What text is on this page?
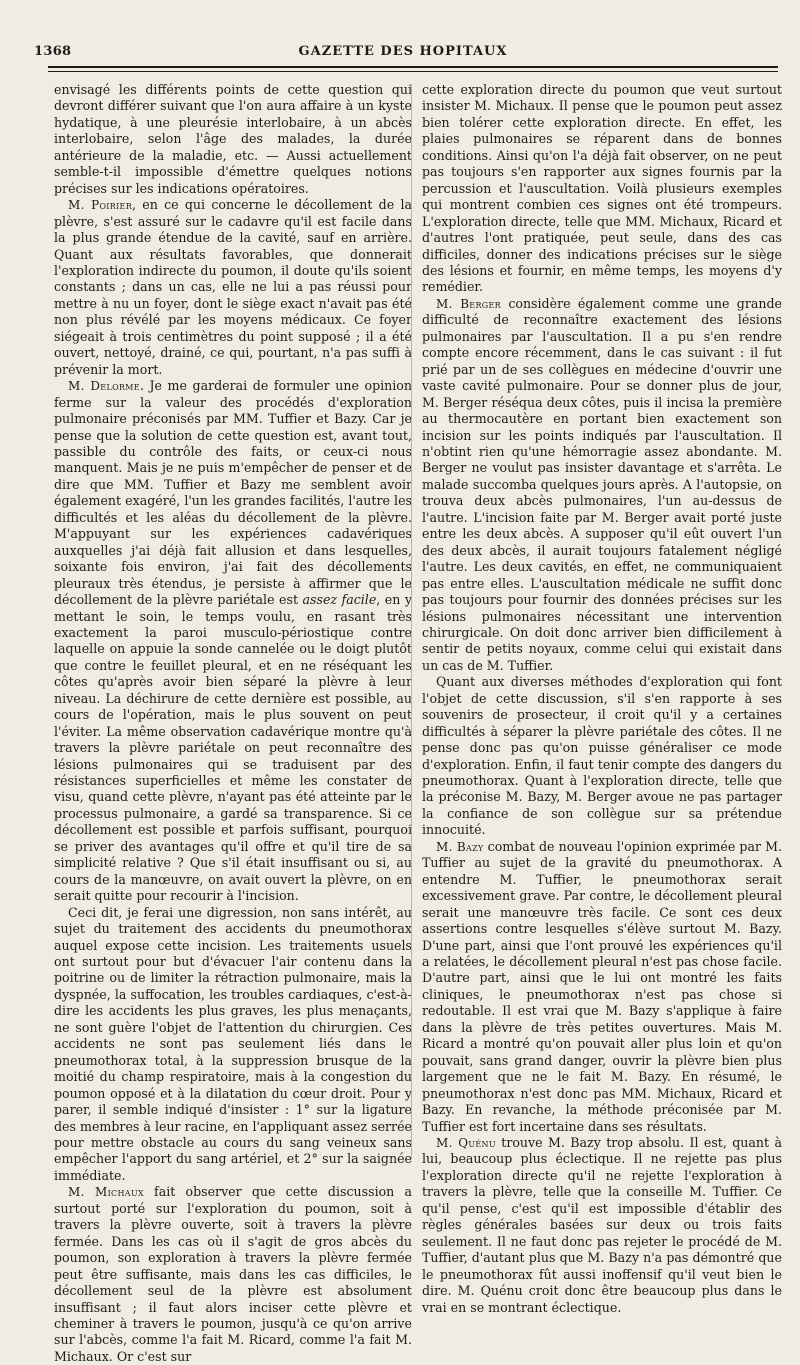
1368	GAZETTE DES HOPITAUX

envisagé les différents points de cette question qui devront différer suivant que l'on aura affaire à un kyste hydatique, à une pleurésie interlobaire, à un abcès interlobaire, selon l'âge des malades, la durée antérieure de la maladie, etc. — Aussi actuellement semble-t-il impossible d'émettre quelques notions précises sur les indications opératoires.

M. Poirier, en ce qui concerne le décollement de la plèvre, s'est assuré sur le cadavre qu'il est facile dans la plus grande étendue de la cavité, sauf en arrière. Quant aux résultats favorables, que donnerait l'exploration indirecte du poumon, il doute qu'ils soient constants ; dans un cas, elle ne lui a pas réussi pour mettre à nu un foyer, dont le siège exact n'avait pas été non plus révélé par les moyens médicaux. Ce foyer siégeait à trois centimètres du point supposé ; il a été ouvert, nettoyé, drainé, ce qui, pourtant, n'a pas suffi à prévenir la mort.

M. Delorme. Je me garderai de formuler une opinion ferme sur la valeur des procédés d'exploration pulmonaire préconisés par MM. Tuffier et Bazy. Car je pense que la solution de cette question est, avant tout, passible du contrôle des faits, or ceux-ci nous manquent. Mais je ne puis m'empêcher de penser et de dire que MM. Tuffier et Bazy me semblent avoir également exagéré, l'un les grandes facilités, l'autre les difficultés et les aléas du décollement de la plèvre. M'appuyant sur les expériences cadavériques auxquelles j'ai déjà fait allusion et dans lesquelles, soixante fois environ, j'ai fait des décollements pleuraux très étendus, je persiste à affirmer que le décollement de la plèvre pariétale est assez facile, en y mettant le soin, le temps voulu, en rasant très exactement la paroi musculo-périostique contre laquelle on appuie la sonde cannelée ou le doigt plutôt que contre le feuillet pleural, et en ne réséquant les côtes qu'après avoir bien séparé la plèvre à leur niveau. La déchirure de cette dernière est possible, au cours de l'opération, mais le plus souvent on peut l'éviter. La même observation cadavérique montre qu'à travers la plèvre pariétale on peut reconnaître des lésions pulmonaires qui se traduisent par des résistances superficielles et même les constater de visu, quand cette plèvre, n'ayant pas été atteinte par le processus pulmonaire, a gardé sa transparence. Si ce décollement est possible et parfois suffisant, pourquoi se priver des avantages qu'il offre et qu'il tire de sa simplicité relative ? Que s'il était insuffisant ou si, au cours de la manœuvre, on avait ouvert la plèvre, on en serait quitte pour recourir à l'incision.

Ceci dit, je ferai une digression, non sans intérêt, au sujet du traitement des accidents du pneumothorax auquel expose cette incision. Les traitements usuels ont surtout pour but d'évacuer l'air contenu dans la poitrine ou de limiter la rétraction pulmonaire, mais la dyspnée, la suffocation, les troubles cardiaques, c'est-à-dire les accidents les plus graves, les plus menaçants, ne sont guère l'objet de l'attention du chirurgien. Ces accidents ne sont pas seulement liés dans le pneumothorax total, à la suppression brusque de la moitié du champ respiratoire, mais à la congestion du poumon opposé et à la dilatation du cœur droit. Pour y parer, il semble indiqué d'insister : 1° sur la ligature des membres à leur racine, en l'appliquant assez serrée pour mettre obstacle au cours du sang veineux sans empêcher l'apport du sang artériel, et 2° sur la saignée immédiate.

M. Michaux fait observer que cette discussion a surtout porté sur l'exploration du poumon, soit à travers la plèvre ouverte, soit à travers la plèvre fermée. Dans les cas où il s'agit de gros abcès du poumon, son exploration à travers la plèvre fermée peut être suffisante, mais dans les cas difficiles, le décollement seul de la plèvre est absolument insuffisant ; il faut alors inciser cette plèvre et cheminer à travers le poumon, jusqu'à ce qu'on arrive sur l'abcès, comme l'a fait M. Ricard, comme l'a fait M. Michaux. Or c'est sur

cette exploration directe du poumon que veut surtout insister M. Michaux. Il pense que le poumon peut assez bien tolérer cette exploration directe. En effet, les plaies pulmonaires se réparent dans de bonnes conditions. Ainsi qu'on l'a déjà fait observer, on ne peut pas toujours s'en rapporter aux signes fournis par la percussion et l'auscultation. Voilà plusieurs exemples qui montrent combien ces signes ont été trompeurs. L'exploration directe, telle que MM. Michaux, Ricard et d'autres l'ont pratiquée, peut seule, dans des cas difficiles, donner des indications précises sur le siège des lésions et fournir, en même temps, les moyens d'y remédier.

M. Berger considère également comme une grande difficulté de reconnaître exactement des lésions pulmonaires par l'auscultation. Il a pu s'en rendre compte encore récemment, dans le cas suivant : il fut prié par un de ses collègues en médecine d'ouvrir une vaste cavité pulmonaire. Pour se donner plus de jour, M. Berger réséqua deux côtes, puis il incisa la première au thermocautère en portant bien exactement son incision sur les points indiqués par l'auscultation. Il n'obtint rien qu'une hémorragie assez abondante. M. Berger ne voulut pas insister davantage et s'arrêta. Le malade succomba quelques jours après. A l'autopsie, on trouva deux abcès pulmonaires, l'un au-dessus de l'autre. L'incision faite par M. Berger avait porté juste entre les deux abcès. A supposer qu'il eût ouvert l'un des deux abcès, il aurait toujours fatalement négligé l'autre. Les deux cavités, en effet, ne communiquaient pas entre elles. L'auscultation médicale ne suffit donc pas toujours pour fournir des données précises sur les lésions pulmonaires nécessitant une intervention chirurgicale. On doit donc arriver bien difficilement à sentir de petits noyaux, comme celui qui existait dans un cas de M. Tuffier.

Quant aux diverses méthodes d'exploration qui font l'objet de cette discussion, s'il s'en rapporte à ses souvenirs de prosecteur, il croit qu'il y a certaines difficultés à séparer la plèvre pariétale des côtes. Il ne pense donc pas qu'on puisse généraliser ce mode d'exploration. Enfin, il faut tenir compte des dangers du pneumothorax. Quant à l'exploration directe, telle que la préconise M. Bazy, M. Berger avoue ne pas partager la confiance de son collègue sur sa prétendue innocuité.

M. Bazy combat de nouveau l'opinion exprimée par M. Tuffier au sujet de la gravité du pneumothorax. A entendre M. Tuffier, le pneumothorax serait excessivement grave. Par contre, le décollement pleural serait une manœuvre très facile. Ce sont ces deux assertions contre lesquelles s'élève surtout M. Bazy. D'une part, ainsi que l'ont prouvé les expériences qu'il a relatées, le décollement pleural n'est pas chose facile. D'autre part, ainsi que le lui ont montré les faits cliniques, le pneumothorax n'est pas chose si redoutable. Il est vrai que M. Bazy s'applique à faire dans la plèvre de très petites ouvertures. Mais M. Ricard a montré qu'on pouvait aller plus loin et qu'on pouvait, sans grand danger, ouvrir la plèvre bien plus largement que ne le fait M. Bazy. En résumé, le pneumothorax n'est donc pas MM. Michaux, Ricard et Bazy. En revanche, la méthode préconisée par M. Tuffier est fort incertaine dans ses résultats.

M. Quénu trouve M. Bazy trop absolu. Il est, quant à lui, beaucoup plus éclectique. Il ne rejette pas plus l'exploration directe qu'il ne rejette l'exploration à travers la plèvre, telle que la conseille M. Tuffier. Ce qu'il pense, c'est qu'il est impossible d'établir des règles générales basées sur deux ou trois faits seulement. Il ne faut donc pas rejeter le procédé de M. Tuffier, d'autant plus que M. Bazy n'a pas démontré que le pneumothorax fût aussi inoffensif qu'il veut bien le dire. M. Quénu croit donc être beaucoup plus dans le vrai en se montrant éclectique.
